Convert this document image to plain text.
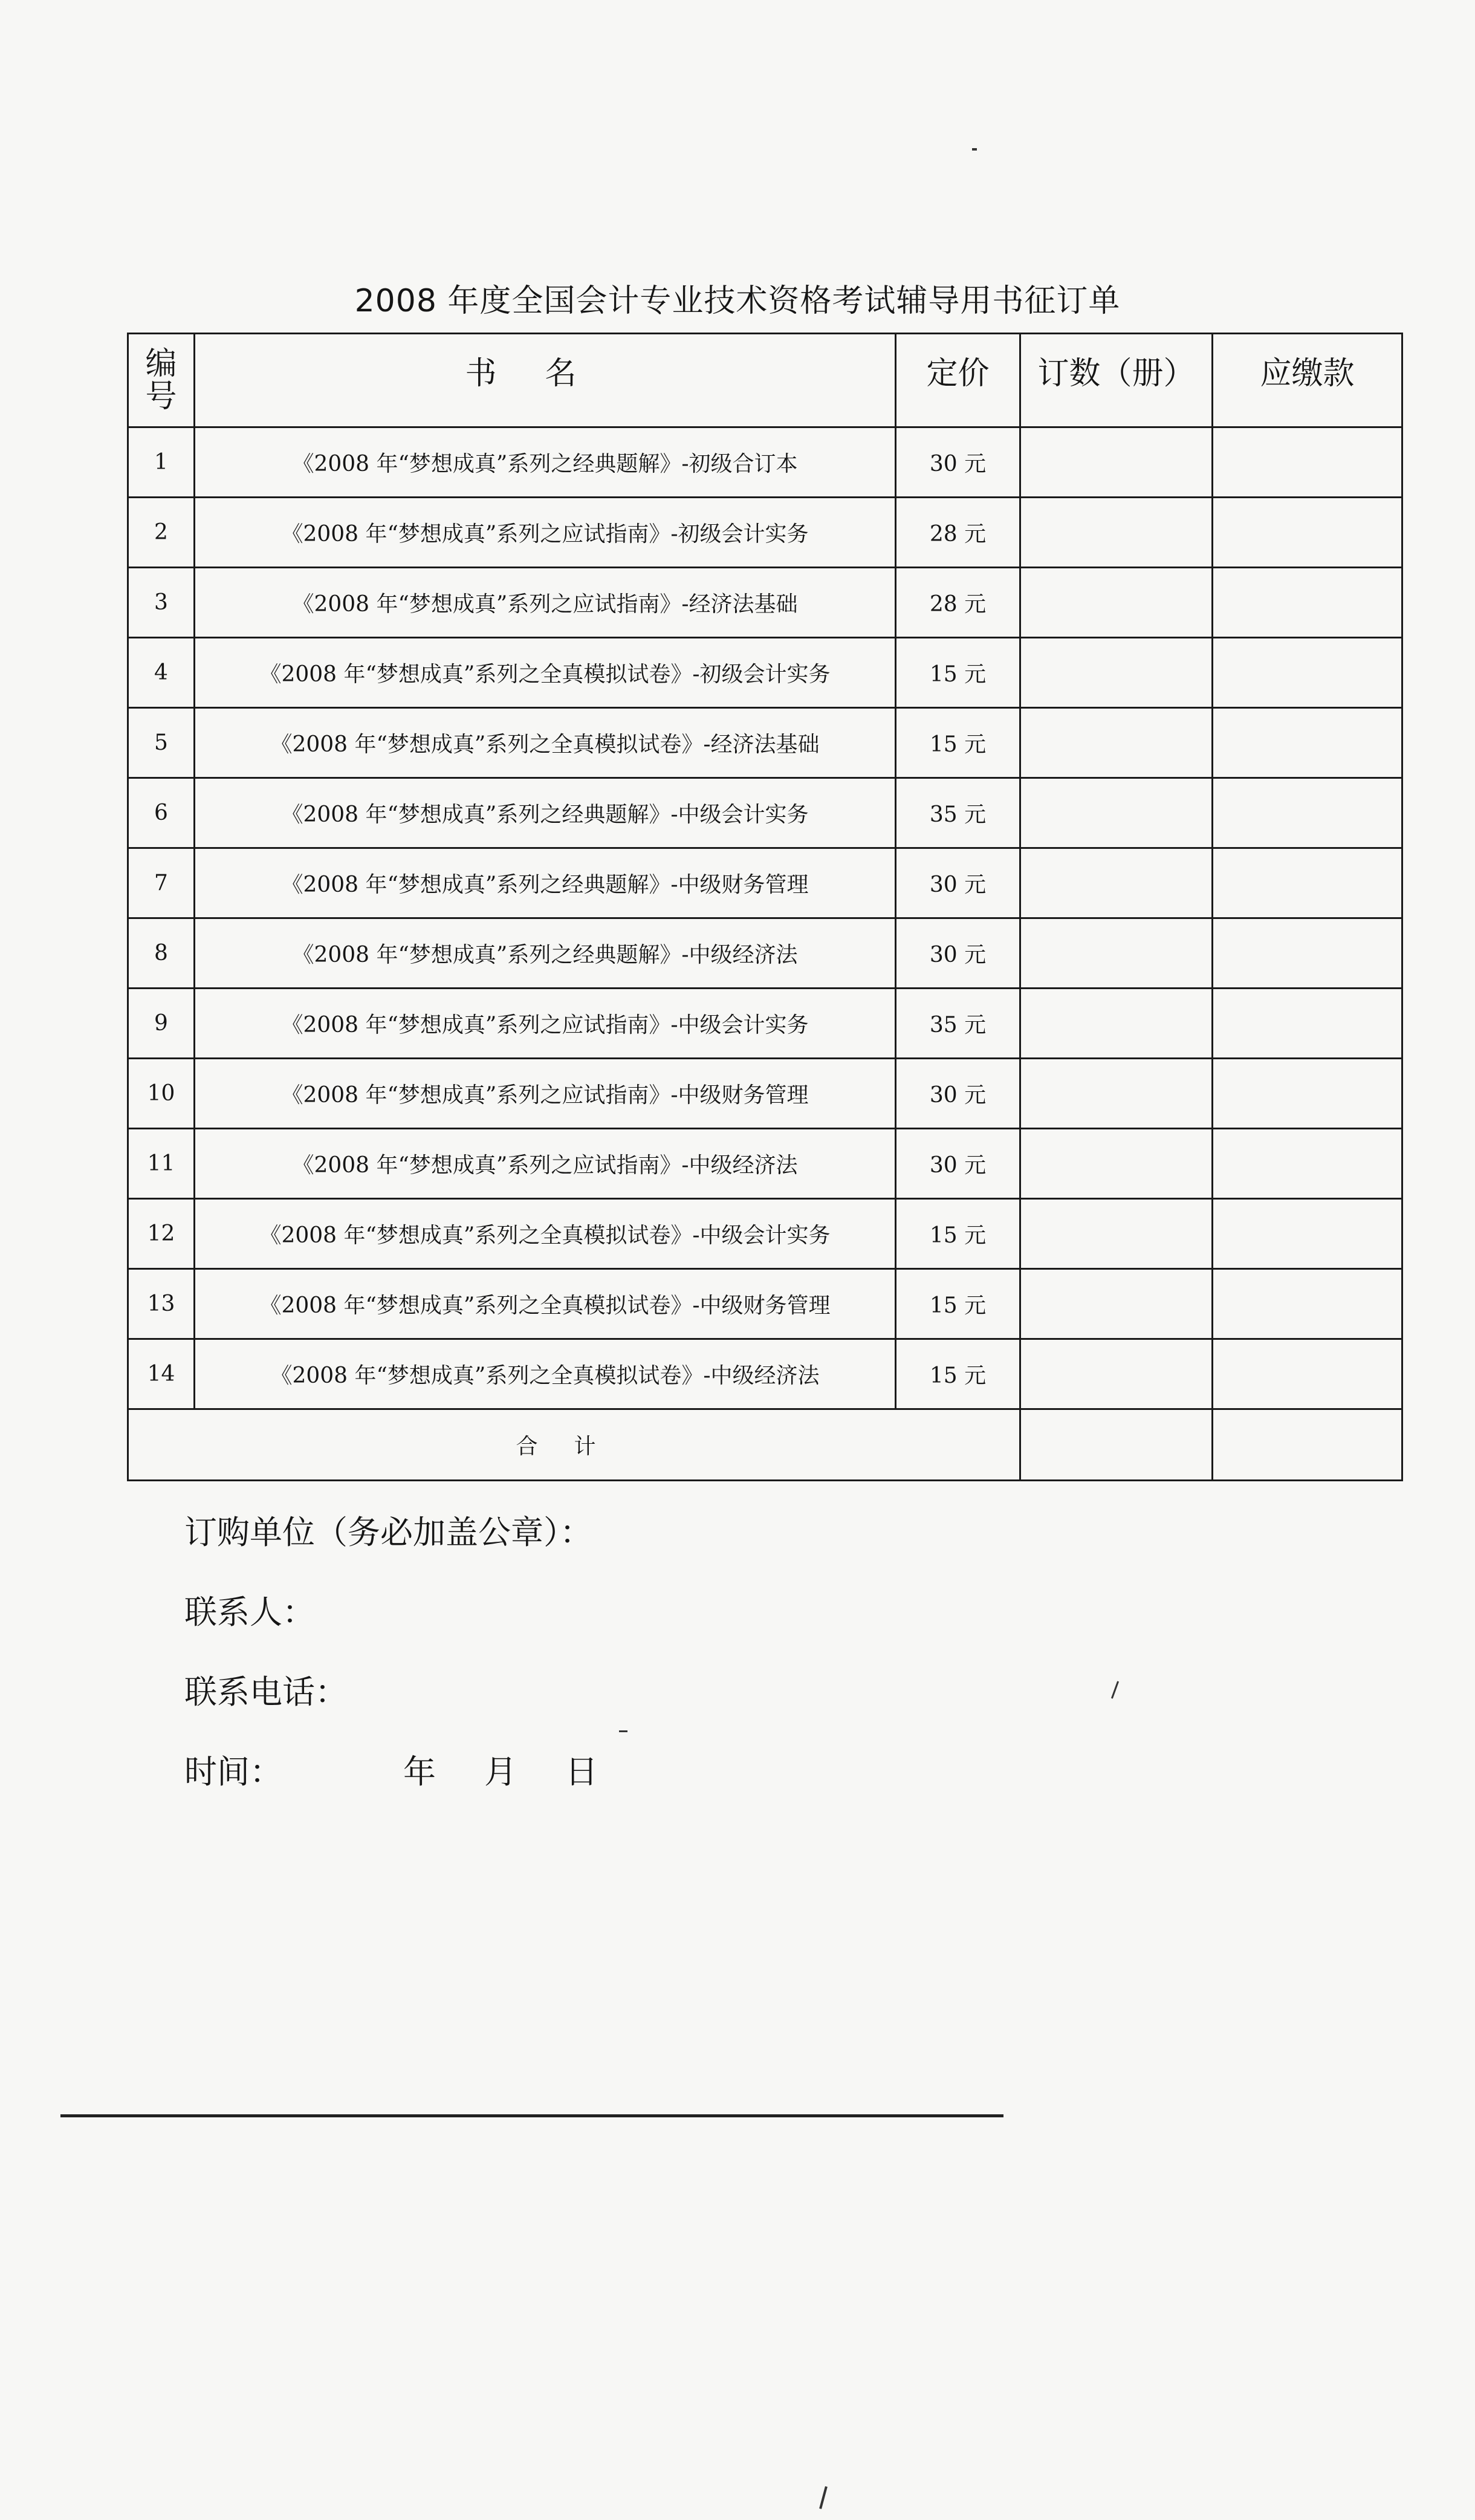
2008 年度全国会计专业技术资格考试辅导用书征订单
编
号	书名	定价	订数（册）	应缴款
1	《2008 年“梦想成真”系列之经典题解》-初级合订本	30 元		
2	《2008 年“梦想成真”系列之应试指南》-初级会计实务	28 元		
3	《2008 年“梦想成真”系列之应试指南》-经济法基础	28 元		
4	《2008 年“梦想成真”系列之全真模拟试卷》-初级会计实务	15 元		
5	《2008 年“梦想成真”系列之全真模拟试卷》-经济法基础	15 元		
6	《2008 年“梦想成真”系列之经典题解》-中级会计实务	35 元		
7	《2008 年“梦想成真”系列之经典题解》-中级财务管理	30 元		
8	《2008 年“梦想成真”系列之经典题解》-中级经济法	30 元		
9	《2008 年“梦想成真”系列之应试指南》-中级会计实务	35 元		
10	《2008 年“梦想成真”系列之应试指南》-中级财务管理	30 元		
11	《2008 年“梦想成真”系列之应试指南》-中级经济法	30 元		
12	《2008 年“梦想成真”系列之全真模拟试卷》-中级会计实务	15 元		
13	《2008 年“梦想成真”系列之全真模拟试卷》-中级财务管理	15 元		
14	《2008 年“梦想成真”系列之全真模拟试卷》-中级经济法	15 元		
合计				
订购单位（务必加盖公章）：
联系人：
联系电话：
时间：	年 月 日
